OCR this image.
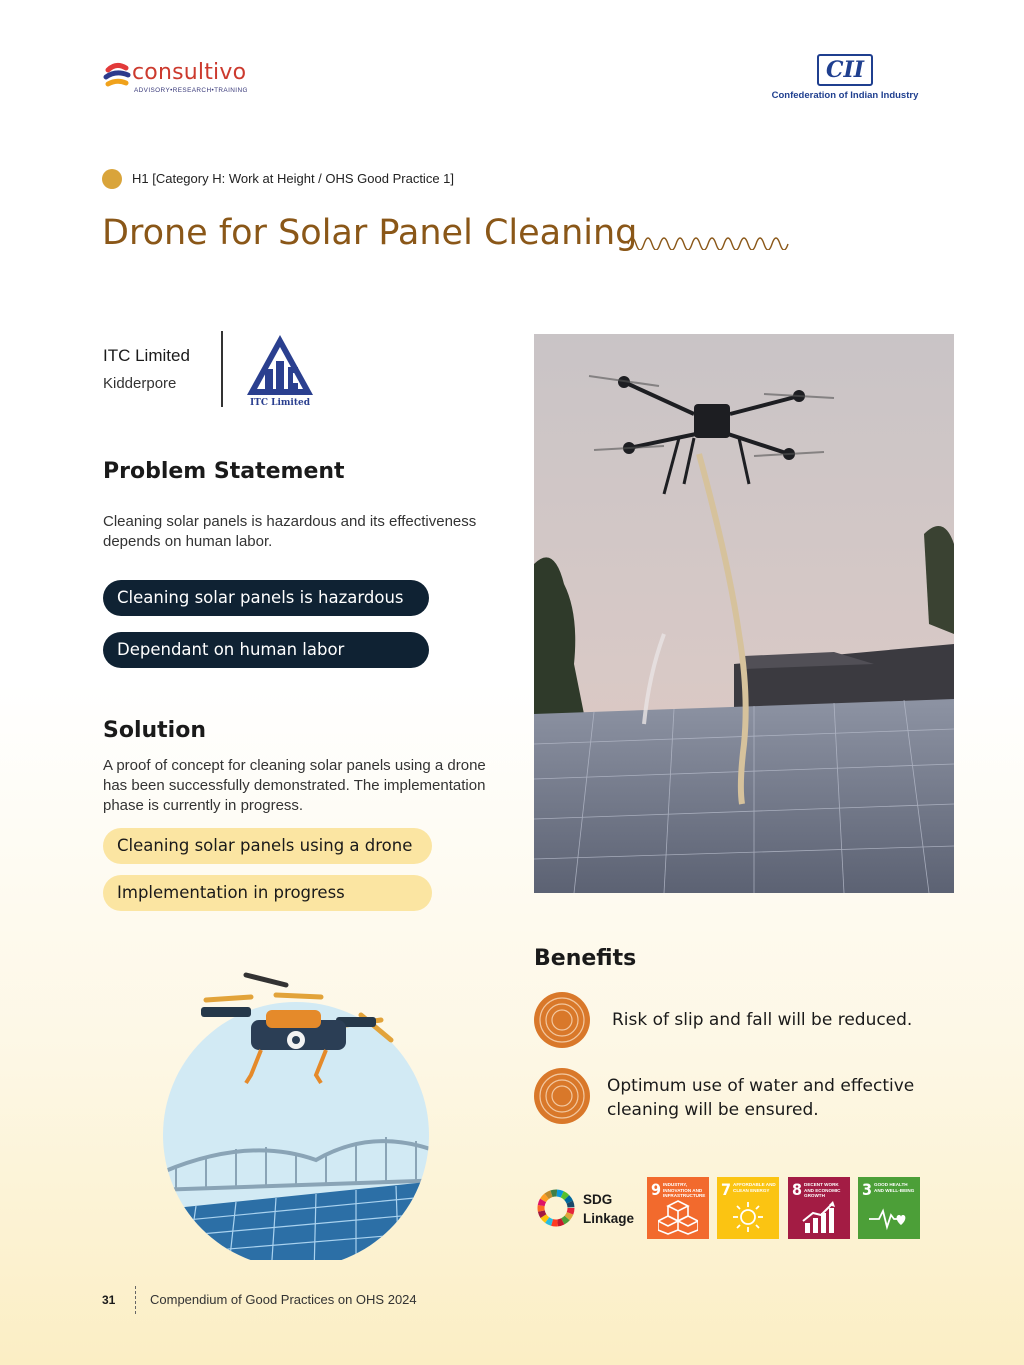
consultivo
ADVISORY•RESEARCH•TRAINING
CII
Confederation of Indian Industry
H1 [Category H: Work at Height / OHS Good Practice 1]
Drone for Solar Panel Cleaning
ITC Limited
Kidderpore
ITC Limited
Problem Statement

Cleaning solar panels is hazardous and its effectiveness depends on human labor.

Cleaning solar panels is hazardous
Dependant on human labor
Solution

A proof of concept for cleaning solar panels using a drone has been successfully demonstrated. The implementation phase is currently in progress.

Cleaning solar panels using a drone
Implementation in progress
Benefits
Risk of slip and fall will be reduced.
Optimum use of water and effective cleaning will be ensured.
SDG Linkage
9 INDUSTRY, INNOVATION AND INFRASTRUCTURE 7 AFFORDABLE AND CLEAN ENERGY	8 DECENT WORK AND ECONOMIC GROWTH	3 GOOD HEALTH AND WELL-BEING
31	Compendium of Good Practices on OHS 2024
